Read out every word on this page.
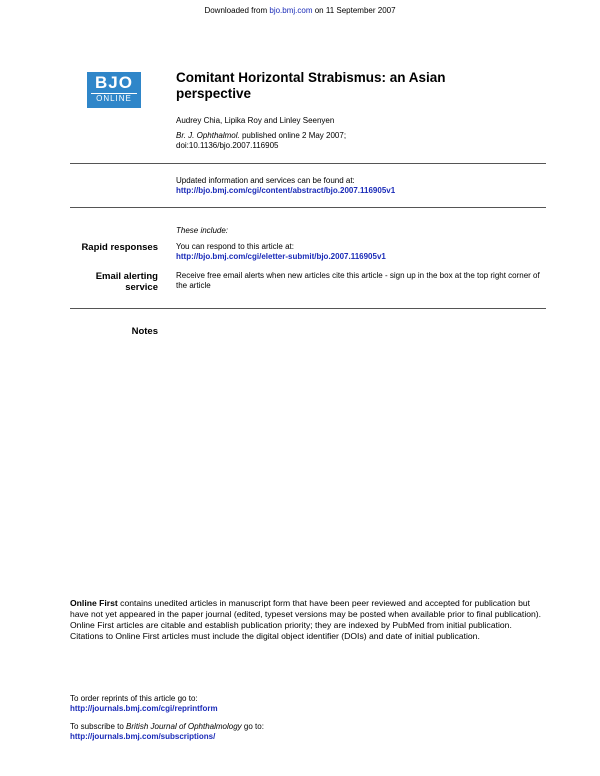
Downloaded from bjo.bmj.com on 11 September 2007
BJO
ONLINE
Comitant Horizontal Strabismus: an Asian perspective
Audrey Chia, Lipika Roy and Linley Seenyen
Br. J. Ophthalmol. published online 2 May 2007;
doi:10.1136/bjo.2007.116905
Updated information and services can be found at:
http://bjo.bmj.com/cgi/content/abstract/bjo.2007.116905v1
These include:
Rapid responses You can respond to this article at:
http://bjo.bmj.com/cgi/eletter-submit/bjo.2007.116905v1
Email alerting
service
Receive free email alerts when new articles cite this article - sign up in the box at the top right corner of the article
Notes
Online First contains unedited articles in manuscript form that have been peer reviewed and accepted for publication but have not yet appeared in the paper journal (edited, typeset versions may be posted when available prior to final publication). Online First articles are citable and establish publication priority; they are indexed by PubMed from initial publication. Citations to Online First articles must include the digital object identifier (DOIs) and date of initial publication.
To order reprints of this article go to:
http://journals.bmj.com/cgi/reprintform
To subscribe to British Journal of Ophthalmology go to:
http://journals.bmj.com/subscriptions/
